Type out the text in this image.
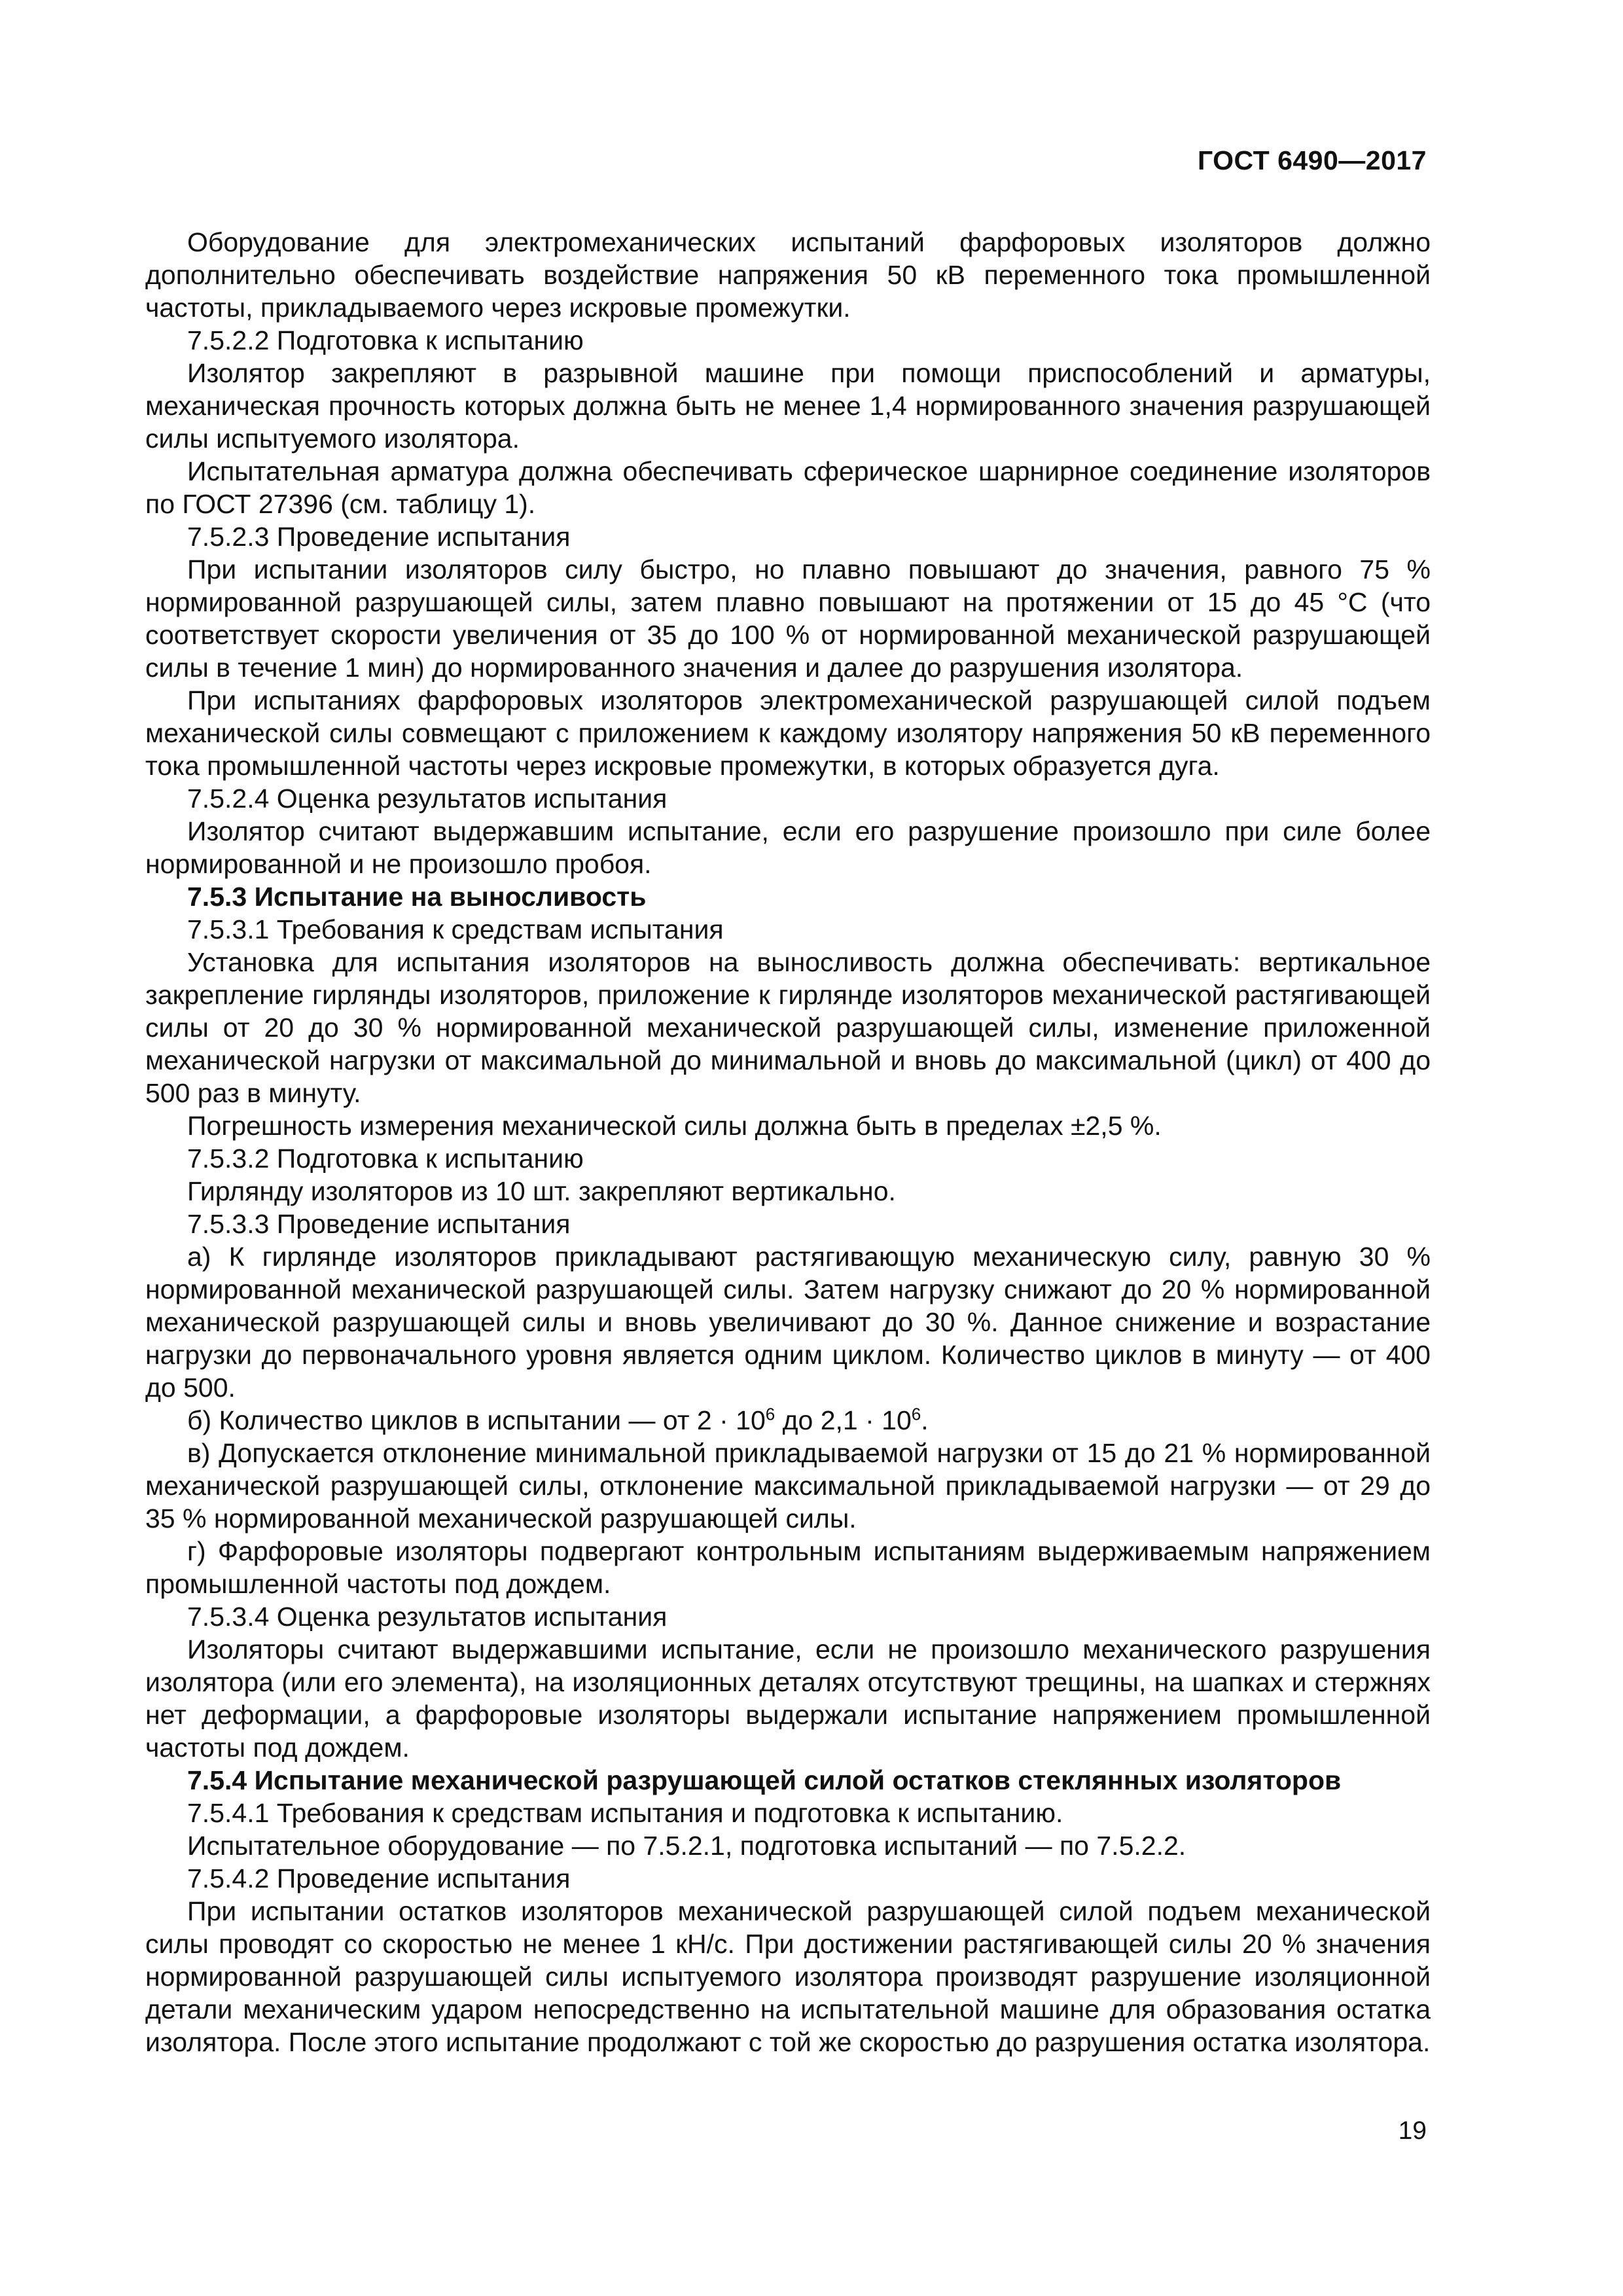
ГОСТ 6490—2017

Оборудование для электромеханических испытаний фарфоровых изоляторов должно дополнительно обеспечивать воздействие напряжения 50 кВ переменного тока промышленной частоты, прикладываемого через искровые промежутки.

7.5.2.2 Подготовка к испытанию

Изолятор закрепляют в разрывной машине при помощи приспособлений и арматуры, механическая прочность которых должна быть не менее 1,4 нормированного значения разрушающей силы испытуемого изолятора.

Испытательная арматура должна обеспечивать сферическое шарнирное соединение изоляторов по ГОСТ 27396 (см. таблицу 1).

7.5.2.3 Проведение испытания

При испытании изоляторов силу быстро, но плавно повышают до значения, равного 75 % нормированной разрушающей силы, затем плавно повышают на протяжении от 15 до 45 °С (что соответствует скорости увеличения от 35 до 100 % от нормированной механической разрушающей силы в течение 1 мин) до нормированного значения и далее до разрушения изолятора.

При испытаниях фарфоровых изоляторов электромеханической разрушающей силой подъем механической силы совмещают с приложением к каждому изолятору напряжения 50 кВ переменного тока промышленной частоты через искровые промежутки, в которых образуется дуга.

7.5.2.4 Оценка результатов испытания

Изолятор считают выдержавшим испытание, если его разрушение произошло при силе более нормированной и не произошло пробоя.

7.5.3 Испытание на выносливость

7.5.3.1 Требования к средствам испытания

Установка для испытания изоляторов на выносливость должна обеспечивать: вертикальное закрепление гирлянды изоляторов, приложение к гирлянде изоляторов механической растягивающей силы от 20 до 30 % нормированной механической разрушающей силы, изменение приложенной механической нагрузки от максимальной до минимальной и вновь до максимальной (цикл) от 400 до 500 раз в минуту.

Погрешность измерения механической силы должна быть в пределах ±2,5 %.

7.5.3.2 Подготовка к испытанию

Гирлянду изоляторов из 10 шт. закрепляют вертикально.

7.5.3.3 Проведение испытания

а) К гирлянде изоляторов прикладывают растягивающую механическую силу, равную 30 % нормированной механической разрушающей силы. Затем нагрузку снижают до 20 % нормированной механической разрушающей силы и вновь увеличивают до 30 %. Данное снижение и возрастание нагрузки до первоначального уровня является одним циклом. Количество циклов в минуту — от 400 до 500.

б) Количество циклов в испытании — от $2 \cdot 10^6$ до $2,1 \cdot 10^6$.

в) Допускается отклонение минимальной прикладываемой нагрузки от 15 до 21 % нормированной механической разрушающей силы, отклонение максимальной прикладываемой нагрузки — от 29 до 35 % нормированной механической разрушающей силы.

г) Фарфоровые изоляторы подвергают контрольным испытаниям выдерживаемым напряжением промышленной частоты под дождем.

7.5.3.4 Оценка результатов испытания

Изоляторы считают выдержавшими испытание, если не произошло механического разрушения изолятора (или его элемента), на изоляционных деталях отсутствуют трещины, на шапках и стержнях нет деформации, а фарфоровые изоляторы выдержали испытание напряжением промышленной частоты под дождем.

7.5.4 Испытание механической разрушающей силой остатков стеклянных изоляторов

7.5.4.1 Требования к средствам испытания и подготовка к испытанию.

Испытательное оборудование — по 7.5.2.1, подготовка испытаний — по 7.5.2.2.

7.5.4.2 Проведение испытания

При испытании остатков изоляторов механической разрушающей силой подъем механической силы проводят со скоростью не менее 1 кН/с. При достижении растягивающей силы 20 % значения нормированной разрушающей силы испытуемого изолятора производят разрушение изоляционной детали механическим ударом непосредственно на испытательной машине для образования остатка изолятора. После этого испытание продолжают с той же скоростью до разрушения остатка изолятора.

19
